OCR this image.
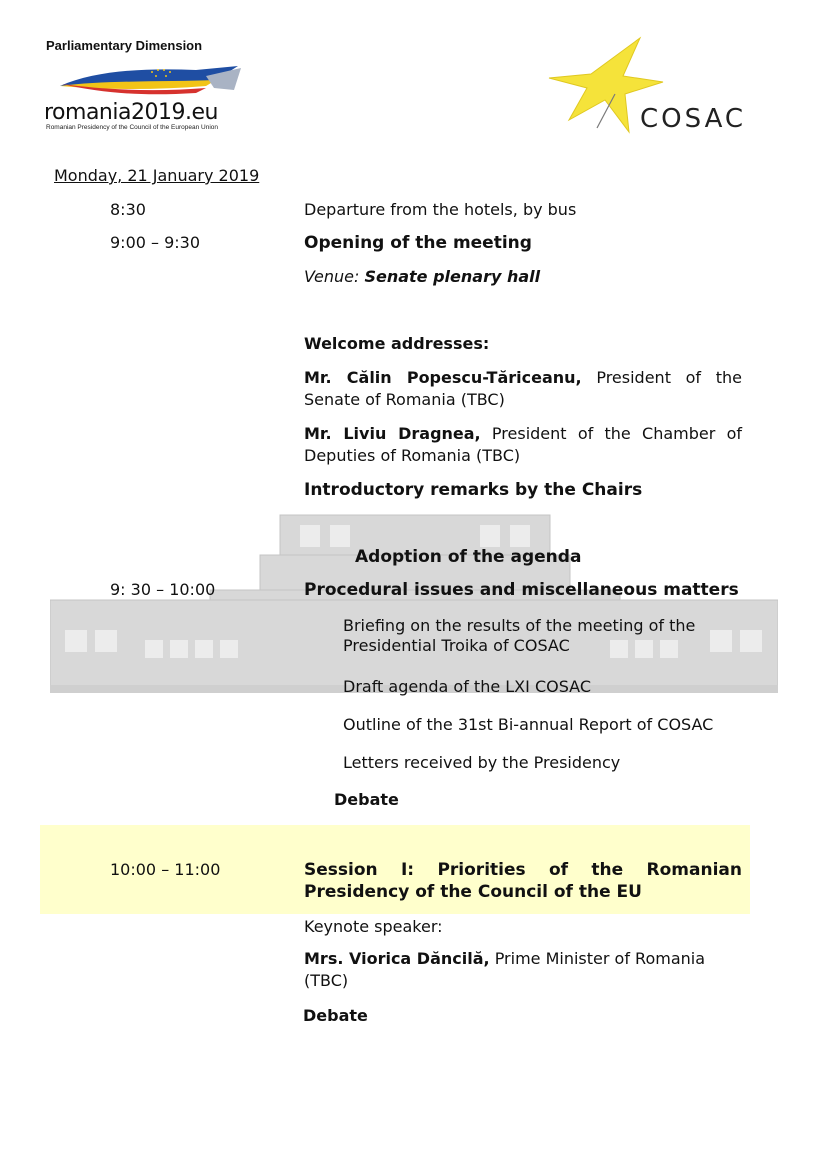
Parliamentary Dimension
romania2019.eu
Romanian Presidency of the Council of the European Union	COSAC
Monday, 21 January 2019
8:30	Departure from the hotels, by bus
9:00 – 9:30	Opening of the meeting
Venue: Senate plenary hall
Welcome addresses:
Mr. Călin Popescu-Tăriceanu, President of the Senate of Romania (TBC)
Mr. Liviu Dragnea, President of the Chamber of Deputies of Romania (TBC)
Introductory remarks by the Chairs
Adoption of the agenda
9: 30 – 10:00	Procedural issues and miscellaneous matters
Briefing on the results of the meeting of the Presidential Troika of COSAC
Draft agenda of the LXI COSAC
Outline of the 31st Bi-annual Report of COSAC
Letters received by the Presidency
Debate
10:00 – 11:00	Session I: Priorities of the Romanian Presidency of the Council of the EU
Keynote speaker:
Mrs. Viorica Dăncilă, Prime Minister of Romania (TBC)
Debate
